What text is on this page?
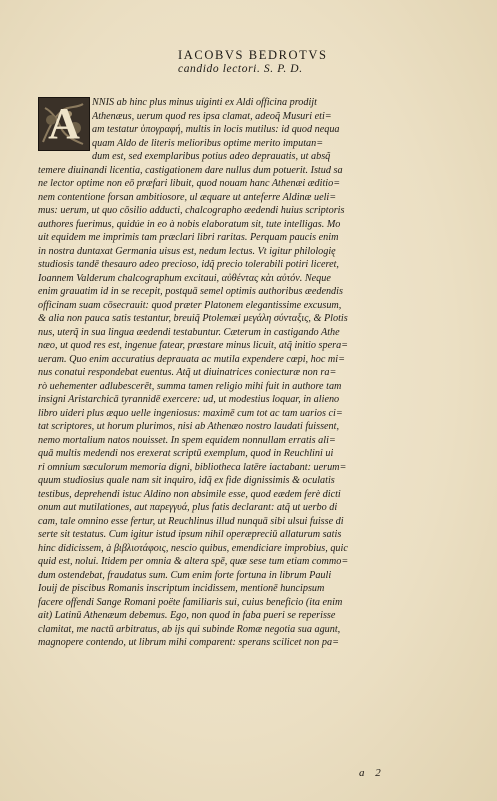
IACOBVS BEDROTVS
candido lectori. S. P. D.
A	NNIS ab hinc plus minus uiginti ex Aldi officina prodijt
Athenæus, uerum quod res ipsa clamat, adeoq̃ Musuri eti=
am testatur ὑπογραφή, multis in locis mutilus: id quod nequa
quam Aldo de literis melioribus optime merito imputan=
dum est, sed exemplaribus potius adeo deprauatis, ut absq̃
temere diuinandi licentia, castigationem dare nullus dum potuerit. Istud sa
ne lector optime non eō præfari libuit, quod nouam hanc Athenæi æditio=
nem contentione forsan ambitiosore, ul æquare ut anteferre Aldinæ ueli=
mus: uerum, ut quo cōsilio adducti, chalcographo æedendi huius scriptoris
authores fuerimus, quidúe in eo à nobis elaboratum sit, tute intelligas. Mo
uit equidem me imprimis tam præclari libri raritas. Perquam paucis enim
in nostra duntaxat Germania uisus est, nedum lectus. Vt igitur philologię
studiosis tandē thesauro adeo precioso, idq̃ precio tolerabili potiri liceret,
Ioannem Valderum chalcographum excitaui, αὐθέντας κὰι αὐτόν. Neque
enim grauatim id in se recepit, postquā semel optimis authoribus æedendis
officinam suam cōsecrauit: quod præter Platonem elegantissime excusum,
& alia non pauca satis testantur, breuiq̃ Ptolemæi μεγάλη σύνταξις, & Plotis
nus, uterq̃ in sua lingua æedendi testabuntur. Cæterum in castigando Athe
næo, ut quod res est, ingenue fatear, præstare minus licuit, atq̃ initio spera=
ueram. Quo enim accuratius deprauata ac mutila expendere cœpi, hoc mi=
nus conatui respondebat euentus. Atq̃ ut diuinatrices coniecturæ non ra=
rò uehementer adlubescerēt, summa tamen religio mihi fuit in authore tam
insigni Aristarchicā tyrannidē exercere: ud, ut modestius loquar, in alieno
libro uideri plus æquo uelle ingeniosus: maximē cum tot ac tam uarios ci=
tat scriptores, ut horum plurimos, nisi ab Athenæo nostro laudati fuissent,
nemo mortalium natos nouisset. In spem equidem nonnullam erratis ali=
quā multis medendi nos erexerat scriptū exemplum, quod in Reuchlini ui
ri omnium sæculorum memoria digni, bibliotheca latēre iactabant: uerum=
quum studiosius quale nam sit inquiro, idq̃ ex fide dignissimis & oculatis
testibus, deprehendi istuc Aldino non absimile esse, quod eædem ferè dicti
onum aut mutilationes, aut παρεγγυά, plus fatis declarant: atq̃ ut uerbo di
cam, tale omnino esse fertur, ut Reuchlinus illud nunquā sibi ulsui fuisse di
serte sit testatus. Cum igitur istud ipsum nihil operæpreciū allaturum satis
hinc didicissem, à βιβλιοτάφοις, nescio quibus, emendiciare improbius, quic
quid est, nolui. Itidem per omnia & altera spē, quæ sese tum etiam commo=
dum ostendebat, fraudatus sum. Cum enim forte fortuna in librum Pauli
Iouij de piscibus Romanis inscriptum incidissem, mentionē huncipsum
facere offendi Sange Romani poëte familiaris sui, cuius beneficio (ita enim
ait) Latinū Athenæum debemus. Ego, non quod in faba pueri se reperisse
clamitat, me nactū arbitratus, ab ijs qui subinde Romæ negotia sua agunt,
magnopere contendo, ut librum mihi comparent: sperans scilicet non pa=
a 2
